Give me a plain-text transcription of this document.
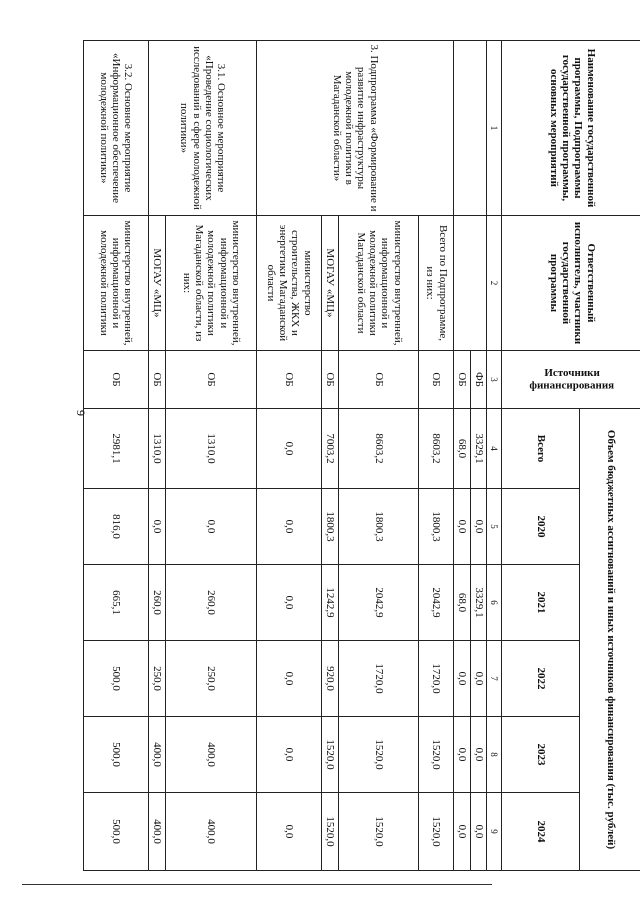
9
Наименование государственной программы, Подпрограммы государственной программы, основных мероприятий	Ответственный исполнитель, участники государственной программы	Источники финансирования	Объем бюджетных ассигнований и иных источников финансирования (тыс. рублей)					
			Всего	2020	2021	2022	2023	2024
1	2	3	4	5	6	7	8	9
		ФБ	3329,1	0,0	3329,1	0,0	0,0	0,0
		ОБ	68,0	0,0	68,0	0,0	0,0	0,0
3. Подпрограмма «Формирование и развитие инфраструктуры молодежной политики в Магаданской области»	Всего по Подпрограмме, из них:	ОБ	8603,2	1800,3	2042,9	1720,0	1520,0	1520,0
	министерство внутренней, информационной и молодежной политики Магаданской области	ОБ	8603,2	1800,3	2042,9	1720,0	1520,0	1520,0
	МОГАУ «МЦ»	ОБ	7003,2	1800,3	1242,9	920,0	1520,0	1520,0
	министерство строительства, ЖКХ и энергетики Магаданской области	ОБ	0,0	0,0	0,0	0,0	0,0	0,0
3.1. Основное мероприятие «Проведение социологических исследований в сфере молодежной политики»	министерство внутренней, информационной и молодежной политики Магаданской области, из них:	ОБ	1310,0	0,0	260,0	250,0	400,0	400,0
	МОГАУ «МЦ»	ОБ	1310,0	0,0	260,0	250,0	400,0	400,0
3.2. Основное мероприятие «Информационное обеспечение молодежной политики»	министерство внутренней, информационной и молодежной политики	ОБ	2981,1	816,0	665,1	500,0	500,0	500,0
